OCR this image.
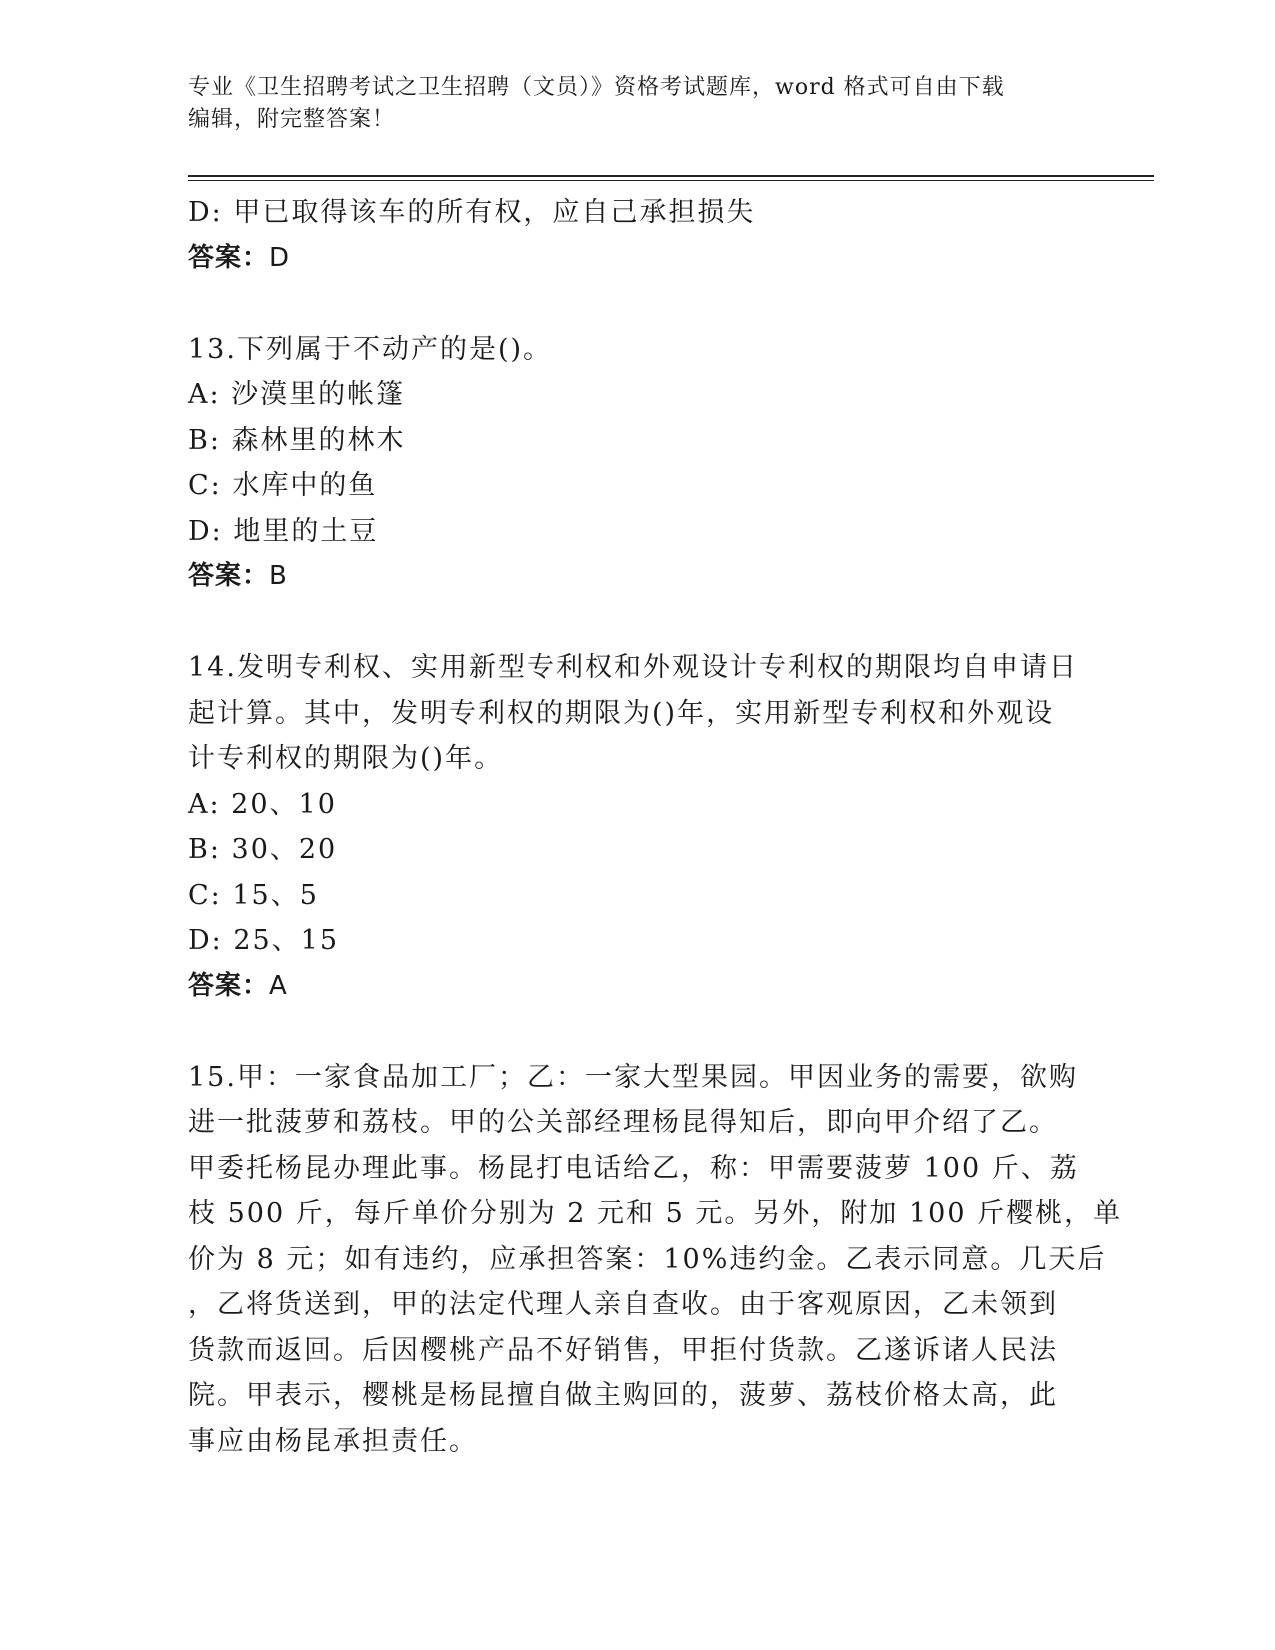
专业《卫生招聘考试之卫生招聘（文员）》资格考试题库，word 格式可自由下载
编辑，附完整答案！
D: 甲已取得该车的所有权，应自己承担损失
答案：D
13.下列属于不动产的是()。
A: 沙漠里的帐篷
B: 森林里的林木
C: 水库中的鱼
D: 地里的土豆
答案：B
14.发明专利权、实用新型专利权和外观设计专利权的期限均自申请日
起计算。其中，发明专利权的期限为()年，实用新型专利权和外观设
计专利权的期限为()年。
A: 20、10
B: 30、20
C: 15、5
D: 25、15
答案：A
15.甲：一家食品加工厂；乙：一家大型果园。甲因业务的需要，欲购
进一批菠萝和荔枝。甲的公关部经理杨昆得知后，即向甲介绍了乙。
甲委托杨昆办理此事。杨昆打电话给乙，称：甲需要菠萝 100 斤、荔
枝 500 斤，每斤单价分别为 2 元和 5 元。另外，附加 100 斤樱桃，单
价为 8 元；如有违约，应承担答案：10%违约金。乙表示同意。几天后
，乙将货送到，甲的法定代理人亲自查收。由于客观原因，乙未领到
货款而返回。后因樱桃产品不好销售，甲拒付货款。乙遂诉诸人民法
院。甲表示，樱桃是杨昆擅自做主购回的，菠萝、荔枝价格太高，此
事应由杨昆承担责任。
